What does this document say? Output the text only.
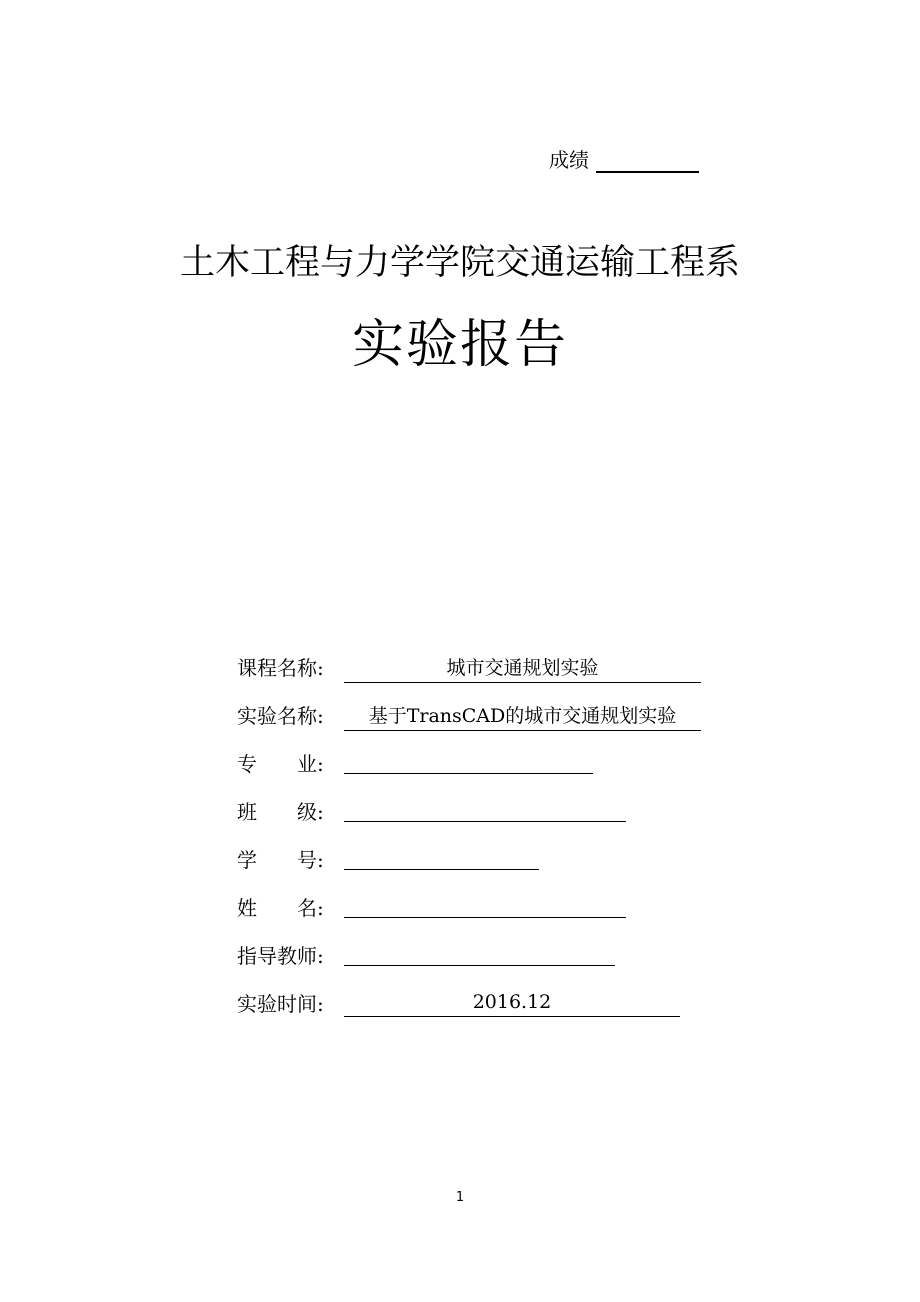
成绩
土木工程与力学学院交通运输工程系
实验报告
课程名称:	城市交通规划实验
实验名称:	基于TransCAD的城市交通规划实验
专　　业:
班　　级:
学　　号:
姓　　名:
指导教师:
实验时间:	2016.12
1
